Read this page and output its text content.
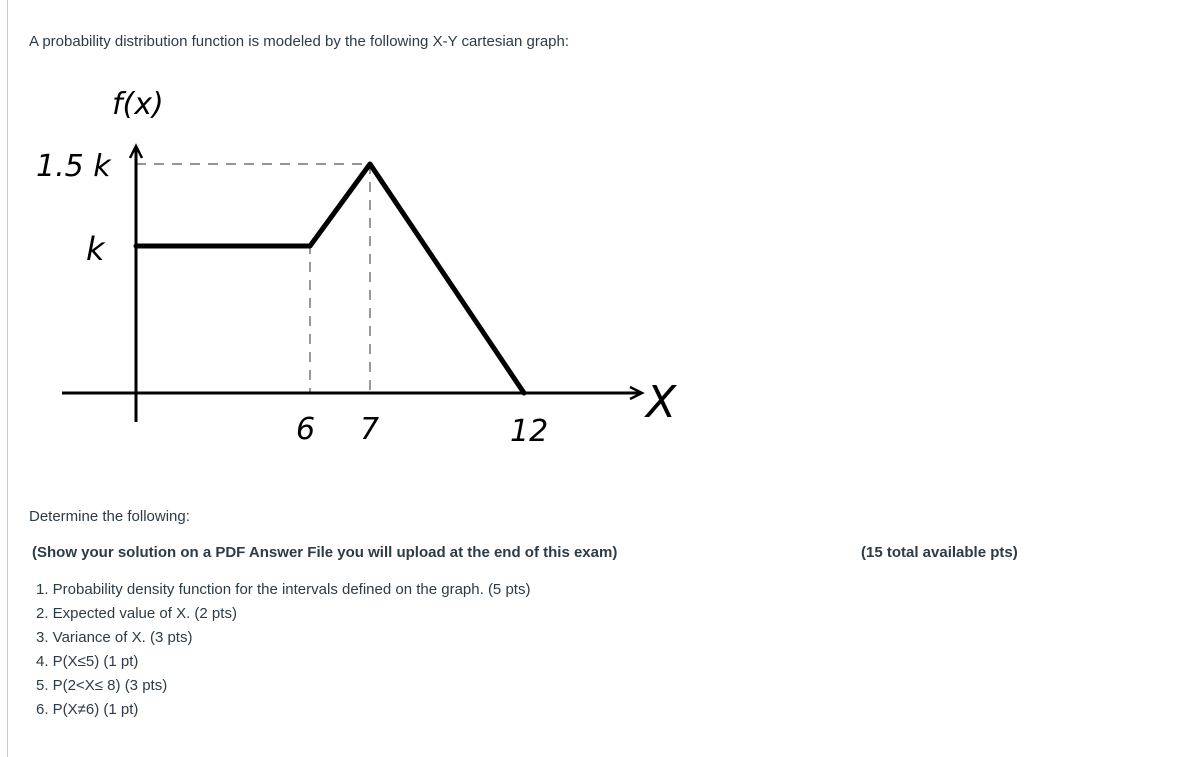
A probability distribution function is modeled by the following X-Y cartesian graph:
f(x)
1.5 k
k
6 7	12
X
Determine the following:
(Show your solution on a PDF Answer File you will upload at the end of this exam)	(15 total available pts)
1. Probability density function for the intervals defined on the graph. (5 pts)
2. Expected value of X. (2 pts)
3. Variance of X. (3 pts)
4. P(X≤5) (1 pt)
5. P(2<X≤ 8) (3 pts)
6. P(X≠6) (1 pt)
